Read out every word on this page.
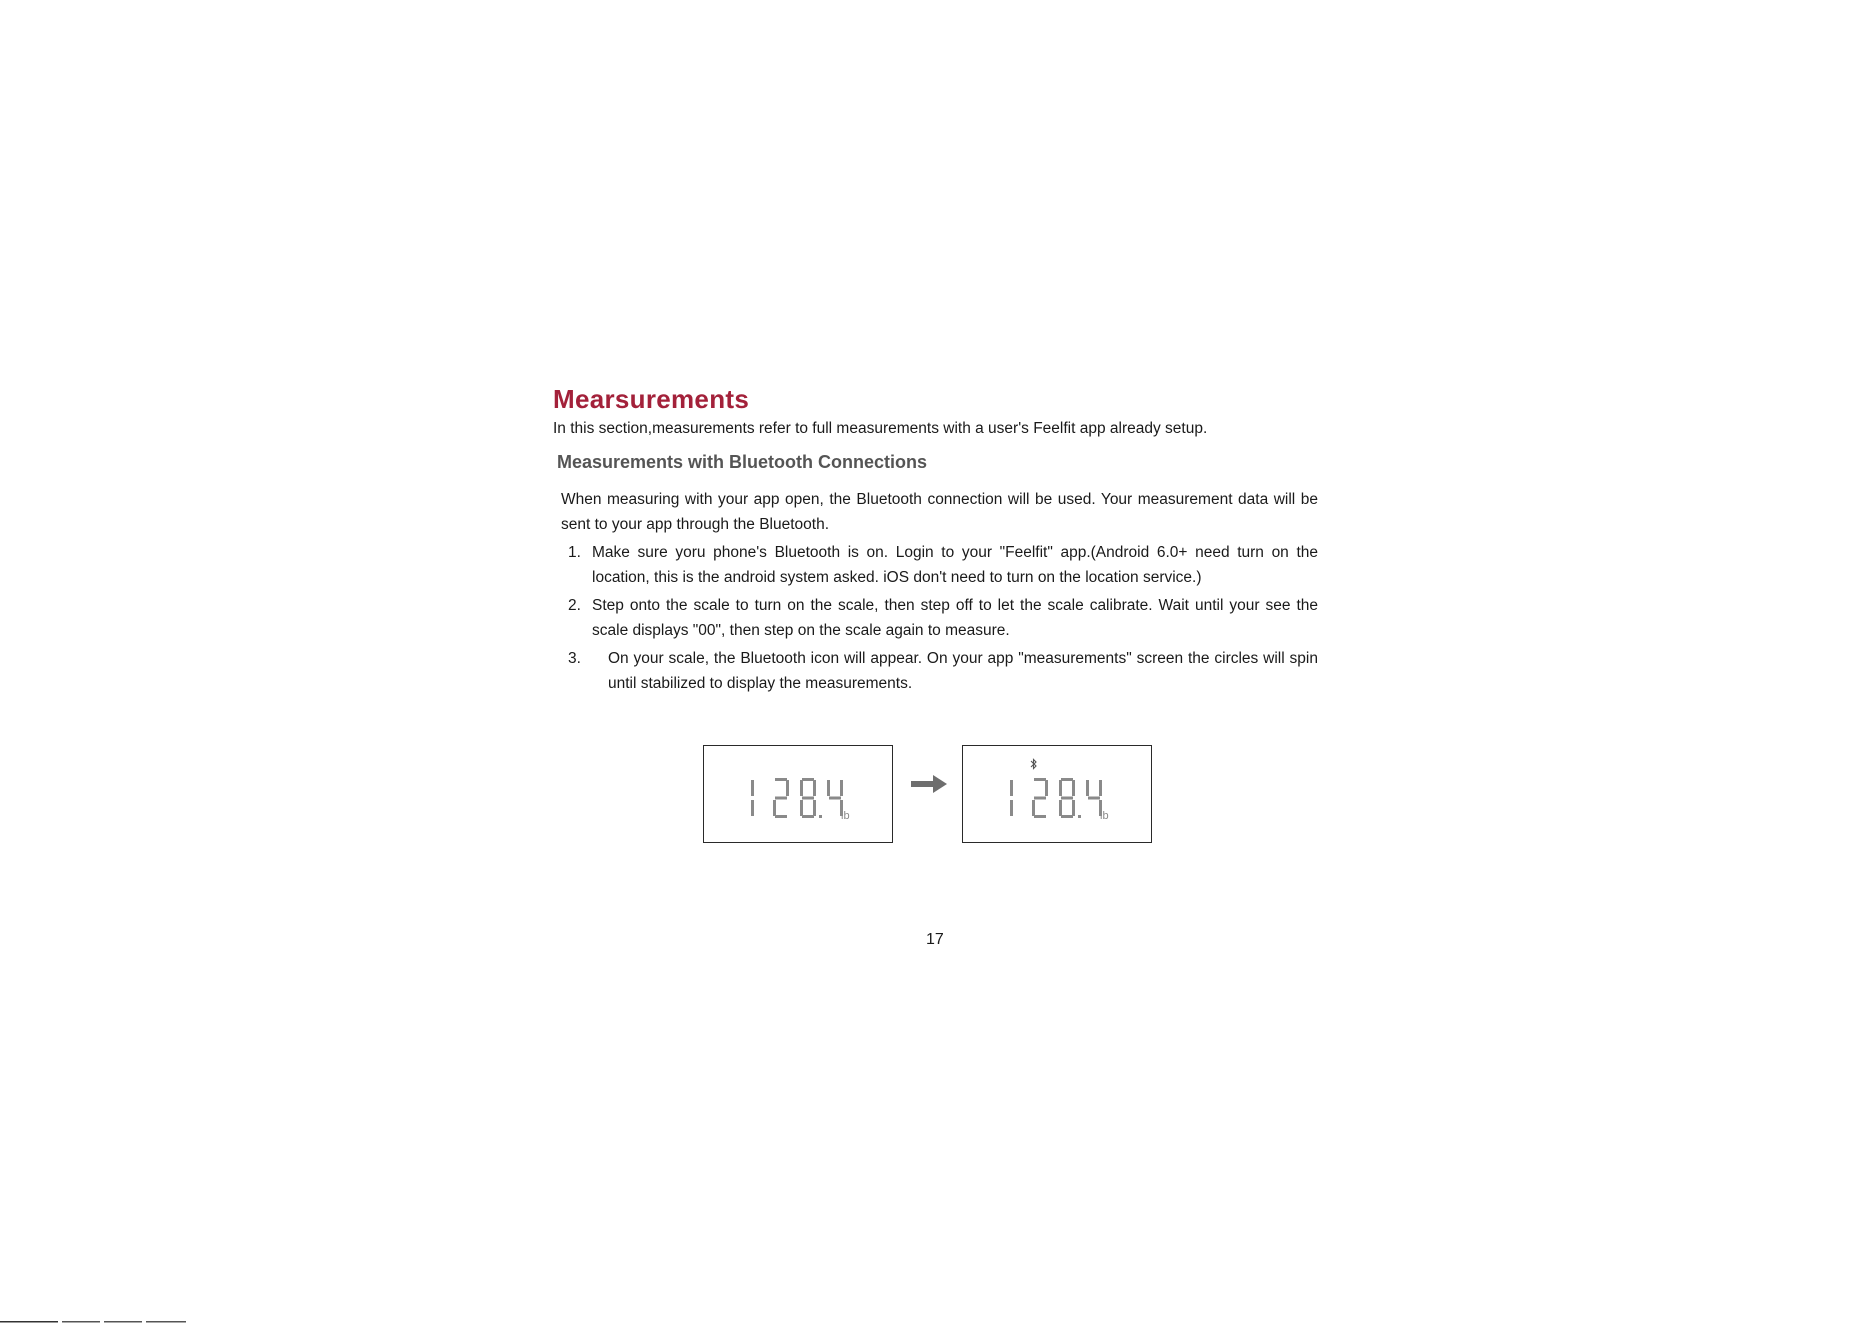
Mearsurements

In this section,measurements refer to full measurements with a user's Feelfit app already setup.

Measurements with Bluetooth Connections

When measuring with your app open, the Bluetooth connection will be used. Your measurement data will be sent to your app through the Bluetooth.

1. Make sure yoru phone's Bluetooth is on. Login to your "Feelfit" app.(Android 6.0+ need turn on the location, this is the android system asked. iOS don't need to turn on the location service.)
2. Step onto the scale to turn on the scale, then step off to let the scale calibrate. Wait until your see the scale displays "00", then step on the scale again to measure.
3.	On your scale, the Bluetooth icon will appear. On your app "measurements" screen the circles will spin until stabilized to display the measurements.
lb	lb

17
